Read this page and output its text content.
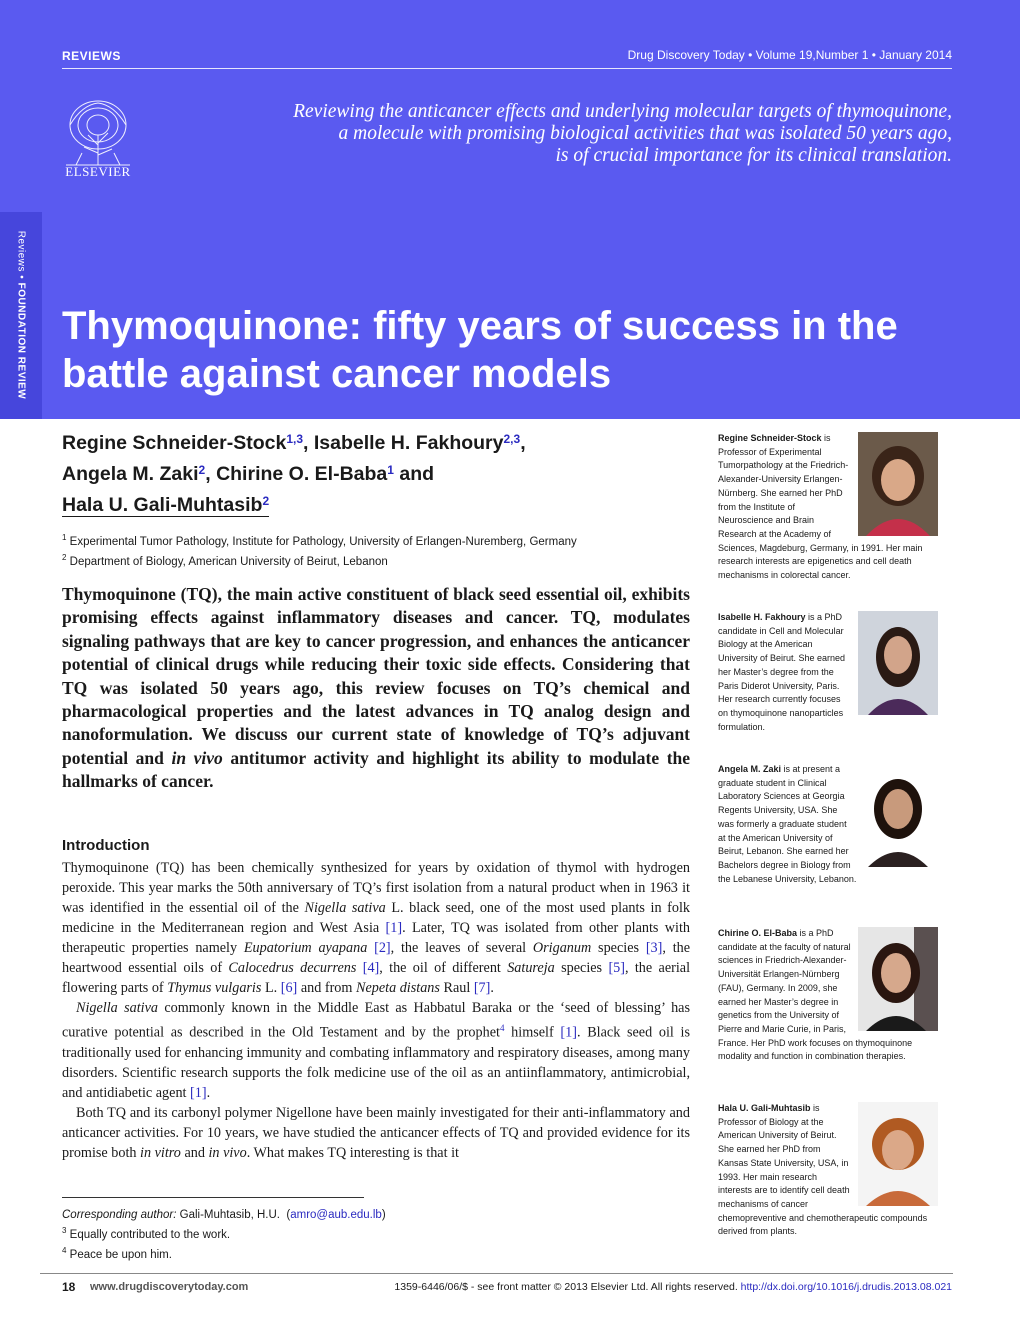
Reviews • FOUNDATION REVIEW
REVIEWS	Drug Discovery Today • Volume 19,Number 1 • January 2014
ELSEVIER
Reviewing the anticancer effects and underlying molecular targets of thymoquinone,
a molecule with promising biological activities that was isolated 50 years ago,
is of crucial importance for its clinical translation.
Thymoquinone: fifty years of success in the
battle against cancer models
Regine Schneider-Stock$^{1,3}$, Isabelle H. Fakhoury$^{2,3}$,
Angela M. Zaki$^2$, Chirine O. El-Baba$^1$ and
Hala U. Gali-Muhtasib$^2$
$^1$ Experimental Tumor Pathology, Institute for Pathology, University of Erlangen-Nuremberg, Germany
$^2$ Department of Biology, American University of Beirut, Lebanon
Thymoquinone (TQ), the main active constituent of black seed essential oil, exhibits promising effects against inflammatory diseases and cancer. TQ, modulates signaling pathways that are key to cancer progression, and enhances the anticancer potential of clinical drugs while reducing their toxic side effects. Considering that TQ was isolated 50 years ago, this review focuses on TQ’s chemical and pharmacological properties and the latest advances in TQ analog design and nanoformulation. We discuss our current state of knowledge of TQ’s adjuvant potential and in vivo antitumor activity and highlight its ability to modulate the hallmarks of cancer.
Introduction

Thymoquinone (TQ) has been chemically synthesized for years by oxidation of thymol with hydrogen peroxide. This year marks the 50th anniversary of TQ’s first isolation from a natural product when in 1963 it was identified in the essential oil of the Nigella sativa L. black seed, one of the most used plants in folk medicine in the Mediterranean region and West Asia [1]. Later, TQ was isolated from other plants with therapeutic properties namely Eupatorium ayapana [2], the leaves of several Origanum species [3], the heartwood essential oils of Calocedrus decurrens [4], the oil of different Satureja species [5], the aerial flowering parts of Thymus vulgaris L. [6] and from Nepeta distans Raul [7].

Nigella sativa commonly known in the Middle East as Habbatul Baraka or the ‘seed of blessing’ has curative potential as described in the Old Testament and by the prophet$^4$ himself [1]. Black seed oil is traditionally used for enhancing immunity and combating inflammatory and respiratory diseases, among many disorders. Scientific research supports the folk medicine use of the oil as an antiinflammatory, antimicrobial, and antidiabetic agent [1].

Both TQ and its carbonyl polymer Nigellone have been mainly investigated for their anti-inflammatory and anticancer activities. For 10 years, we have studied the anticancer effects of TQ and provided evidence for its promise both in vitro and in vivo. What makes TQ interesting is that it

Corresponding author: Gali-Muhtasib, H.U.  (amro@aub.edu.lb)
$^3$ Equally contributed to the work.
$^4$ Peace be upon him.
Regine Schneider-Stock is Professor of Experimental Tumorpathology at the Friedrich-Alexander-University Erlangen-Nürnberg. She earned her PhD from the Institute of Neuroscience and Brain Research at the Academy of Sciences, Magdeburg, Germany, in 1991. Her main research interests are epigenetics and cell death mechanisms in colorectal cancer.
Isabelle H. Fakhoury is a PhD candidate in Cell and Molecular Biology at the American University of Beirut. She earned her Master’s degree from the Paris Diderot University, Paris. Her research currently focuses on thymoquinone nanoparticles formulation.
Angela M. Zaki is at present a graduate student in Clinical Laboratory Sciences at Georgia Regents University, USA. She was formerly a graduate student at the American University of Beirut, Lebanon. She earned her Bachelors degree in Biology from the Lebanese University, Lebanon.
Chirine O. El-Baba is a PhD candidate at the faculty of natural sciences in Friedrich-Alexander-Universität Erlangen-Nürnberg (FAU), Germany. In 2009, she earned her Master’s degree in genetics from the University of Pierre and Marie Curie, in Paris, France. Her PhD work focuses on thymoquinone modality and function in combination therapies.
Hala U. Gali-Muhtasib is Professor of Biology at the American University of Beirut. She earned her PhD from Kansas State University, USA, in 1993. Her main research interests are to identify cell death mechanisms of cancer chemopreventive and chemotherapeutic compounds derived from plants.
18 www.drugdiscoverytoday.com	1359-6446/06/$ - see front matter © 2013 Elsevier Ltd. All rights reserved. http://dx.doi.org/10.1016/j.drudis.2013.08.021
